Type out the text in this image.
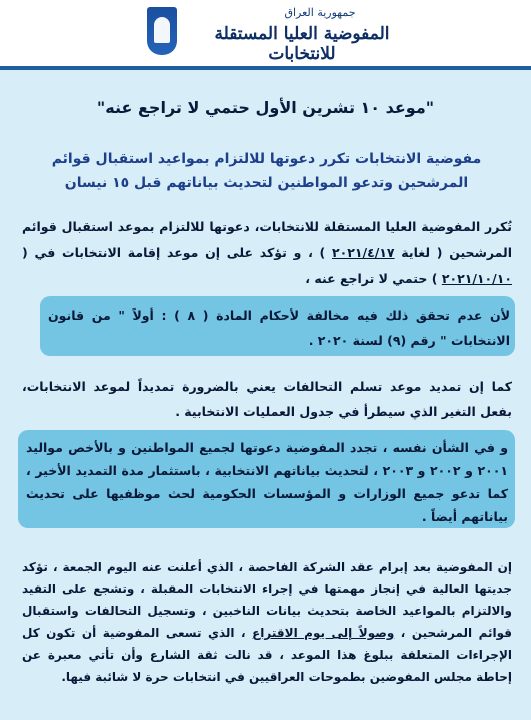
جمهورية العراق
المفوضية العليا المستقلة للانتخابات
"موعد ١٠ تشرين الأول حتمي لا تراجع عنه"
مفوضية الانتخابات تكرر دعوتها للالتزام بمواعيد استقبال قوائم المرشحين وتدعو المواطنين لتحديث بياناتهم قبل ١٥ نيسان
تُكرر المفوضية العليا المستقلة للانتخابات، دعوتها للالتزام بموعد استقبال قوائم المرشحين ( لغاية ٢٠٢١/٤/١٧ ) ، و تؤكد على إن موعد إقامة الانتخابات في ( ٢٠٢١/١٠/١٠ ) حتمي لا تراجع عنه ،
لأن عدم تحقق ذلك فيه مخالفة لأحكام المادة ( ٨ ) : أولاً " من قانون الانتخابات " رقم (٩) لسنة ٢٠٢٠ .
كما إن تمديد موعد تسلم التحالفات يعني بالضرورة تمديداً لموعد الانتخابات، بفعل التغير الذي سيطرأ في جدول العمليات الانتخابية .
و في الشأن نفسه ، تجدد المفوضية دعوتها لجميع المواطنين و بالأخص مواليد ٢٠٠١ و ٢٠٠٢ و ٢٠٠٣ ، لتحديث بياناتهم الانتخابية ، باستثمار مدة التمديد الأخير ، كما تدعو جميع الوزارات و المؤسسات الحكومية لحث موظفيها على تحديث بياناتهم أيضاً .
إن المفوضية بعد إبرام عقد الشركة الفاحصة ، الذي أعلنت عنه اليوم الجمعة ، تؤكد جديتها العالية في إنجاز مهمتها في إجراء الانتخابات المقبلة ، وتشجع على التقيد والالتزام بالمواعيد الخاصة بتحديث بيانات الناخبين ، وتسجيل التحالفات واستقبال قوائم المرشحين ، وصولاً إلى يوم الاقتراع ، الذي تسعى المفوضية أن تكون كل الإجراءات المتعلقة ببلوغ هذا الموعد ، قد نالت ثقة الشارع وأن تأتي معبرة عن إحاطة مجلس المفوضين بطموحات العراقيين في انتخابات حرة لا شائبة فيها.
